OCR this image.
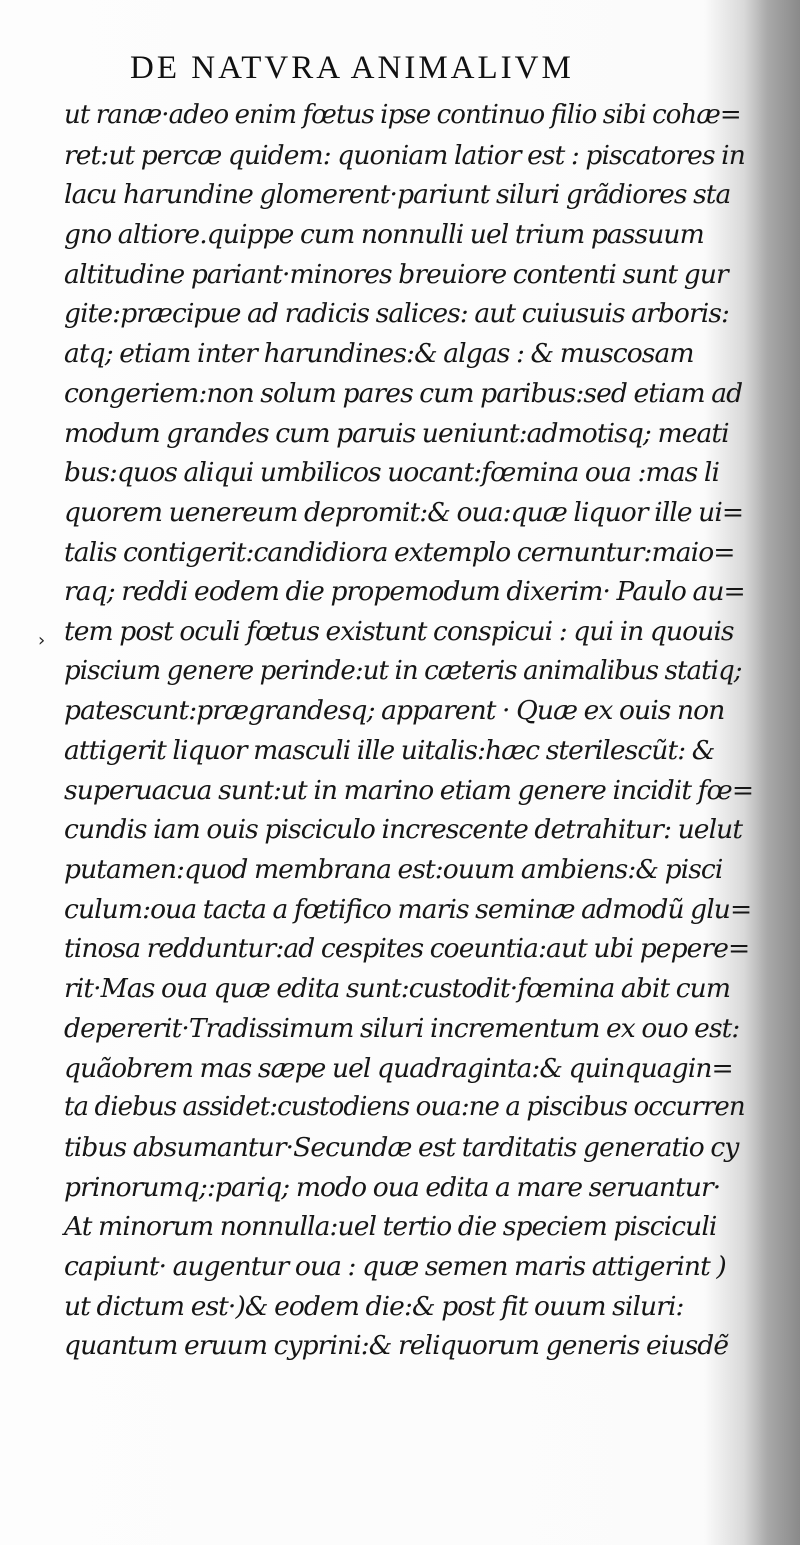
DE NATVRA ANIMALIVM
›
ut ranæ·adeo enim fœtus ipse continuo filio sibi cohæ=
ret:ut percæ quidem: quoniam latior est : piscatores in
lacu harundine glomerent·pariunt siluri grãdiores sta
gno altiore.quippe cum nonnulli uel trium passuum
altitudine pariant·minores breuiore contenti sunt gur
gite:præcipue ad radicis salices: aut cuiusuis arboris:
atq; etiam inter harundines:& algas : & muscosam
congeriem:non solum pares cum paribus:sed etiam ad
modum grandes cum paruis ueniunt:admotisq; meati
bus:quos aliqui umbilicos uocant:fœmina oua :mas li
quorem uenereum depromit:& oua:quæ liquor ille ui=
talis contigerit:candidiora extemplo cernuntur:maio=
raq; reddi eodem die propemodum dixerim· Paulo au=
tem post oculi fœtus existunt conspicui : qui in quouis
piscium genere perinde:ut in cæteris animalibus statiq;
patescunt:prægrandesq; apparent · Quæ ex ouis non
attigerit liquor masculi ille uitalis:hæc sterilescũt: &
superuacua sunt:ut in marino etiam genere incidit fœ=
cundis iam ouis pisciculo increscente detrahitur: uelut
putamen:quod membrana est:ouum ambiens:& pisci
culum:oua tacta a fœtifico maris seminæ admodũ glu=
tinosa redduntur:ad cespites coeuntia:aut ubi pepere=
rit·Mas oua quæ edita sunt:custodit·fœmina abit cum
depererit·Tradissimum siluri incrementum ex ouo est:
quãobrem mas sæpe uel quadraginta:& quinquagin=
ta diebus assidet:custodiens oua:ne a piscibus occurren
tibus absumantur·Secundæ est tarditatis generatio cy
prinorumq;:pariq; modo oua edita a mare seruantur·
At minorum nonnulla:uel tertio die speciem pisciculi
capiunt· augentur oua : quæ semen maris attigerint )
ut dictum est·)& eodem die:& post fit ouum siluri:
quantum eruum cyprini:& reliquorum generis eiusdẽ
